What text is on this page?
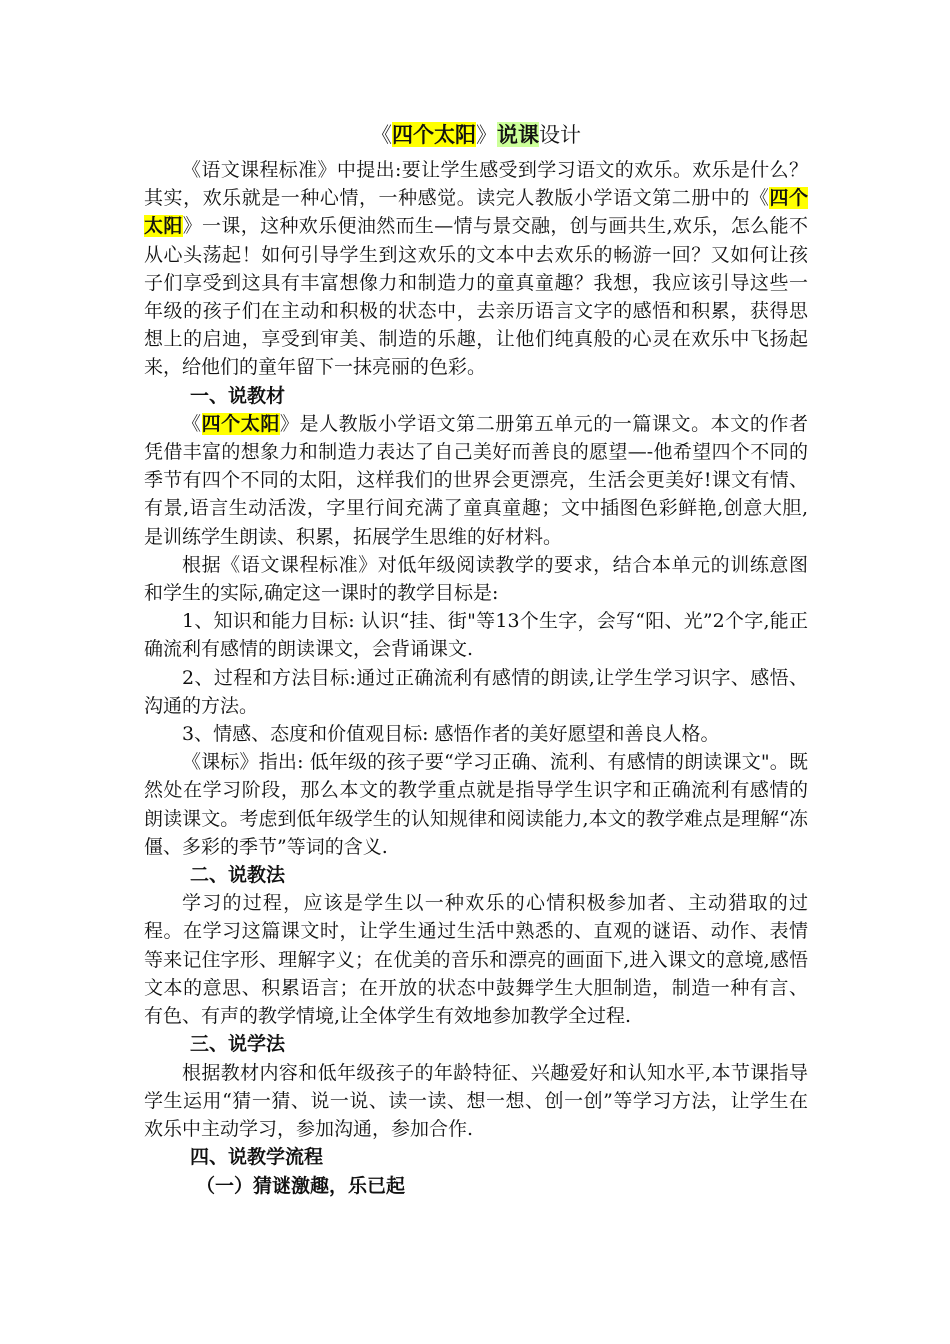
《四个太阳》说课设计

《语文课程标准》中提出:要让学生感受到学习语文的欢乐。欢乐是什么？其实，欢乐就是一种心情，一种感觉。读完人教版小学语文第二册中的《四个太阳》一课，这种欢乐便油然而生—情与景交融，创与画共生,欢乐，怎么能不从心头荡起！如何引导学生到这欢乐的文本中去欢乐的畅游一回？又如何让孩子们享受到这具有丰富想像力和制造力的童真童趣？我想，我应该引导这些一年级的孩子们在主动和积极的状态中，去亲历语言文字的感悟和积累，获得思想上的启迪，享受到审美、制造的乐趣，让他们纯真般的心灵在欢乐中飞扬起来，给他们的童年留下一抹亮丽的色彩。

一、说教材

《四个太阳》是人教版小学语文第二册第五单元的一篇课文。本文的作者凭借丰富的想象力和制造力表达了自己美好而善良的愿望—-他希望四个不同的季节有四个不同的太阳，这样我们的世界会更漂亮，生活会更美好!课文有情、有景,语言生动活泼，字里行间充满了童真童趣；文中插图色彩鲜艳,创意大胆,是训练学生朗读、积累，拓展学生思维的好材料。

根据《语文课程标准》对低年级阅读教学的要求，结合本单元的训练意图和学生的实际,确定这一课时的教学目标是:

1、知识和能力目标: 认识“挂、街"等13个生字，会写“阳、光”2个字,能正确流利有感情的朗读课文，会背诵课文.

2、过程和方法目标:通过正确流利有感情的朗读,让学生学习识字、感悟、沟通的方法。

3、情感、态度和价值观目标: 感悟作者的美好愿望和善良人格。

《课标》指出: 低年级的孩子要“学习正确、流利、有感情的朗读课文"。既然处在学习阶段，那么本文的教学重点就是指导学生识字和正确流利有感情的朗读课文。考虑到低年级学生的认知规律和阅读能力,本文的教学难点是理解“冻僵、多彩的季节”等词的含义.

二、说教法

学习的过程，应该是学生以一种欢乐的心情积极参加者、主动猎取的过程。在学习这篇课文时，让学生通过生活中熟悉的、直观的谜语、动作、表情等来记住字形、理解字义；在优美的音乐和漂亮的画面下,进入课文的意境,感悟文本的意思、积累语言；在开放的状态中鼓舞学生大胆制造，制造一种有言、有色、有声的教学情境,让全体学生有效地参加教学全过程.

三、说学法

根据教材内容和低年级孩子的年龄特征、兴趣爱好和认知水平,本节课指导学生运用“猜一猜、说一说、读一读、想一想、创一创”等学习方法，让学生在欢乐中主动学习，参加沟通，参加合作.

四、说教学流程

（一）猜谜激趣，乐已起
